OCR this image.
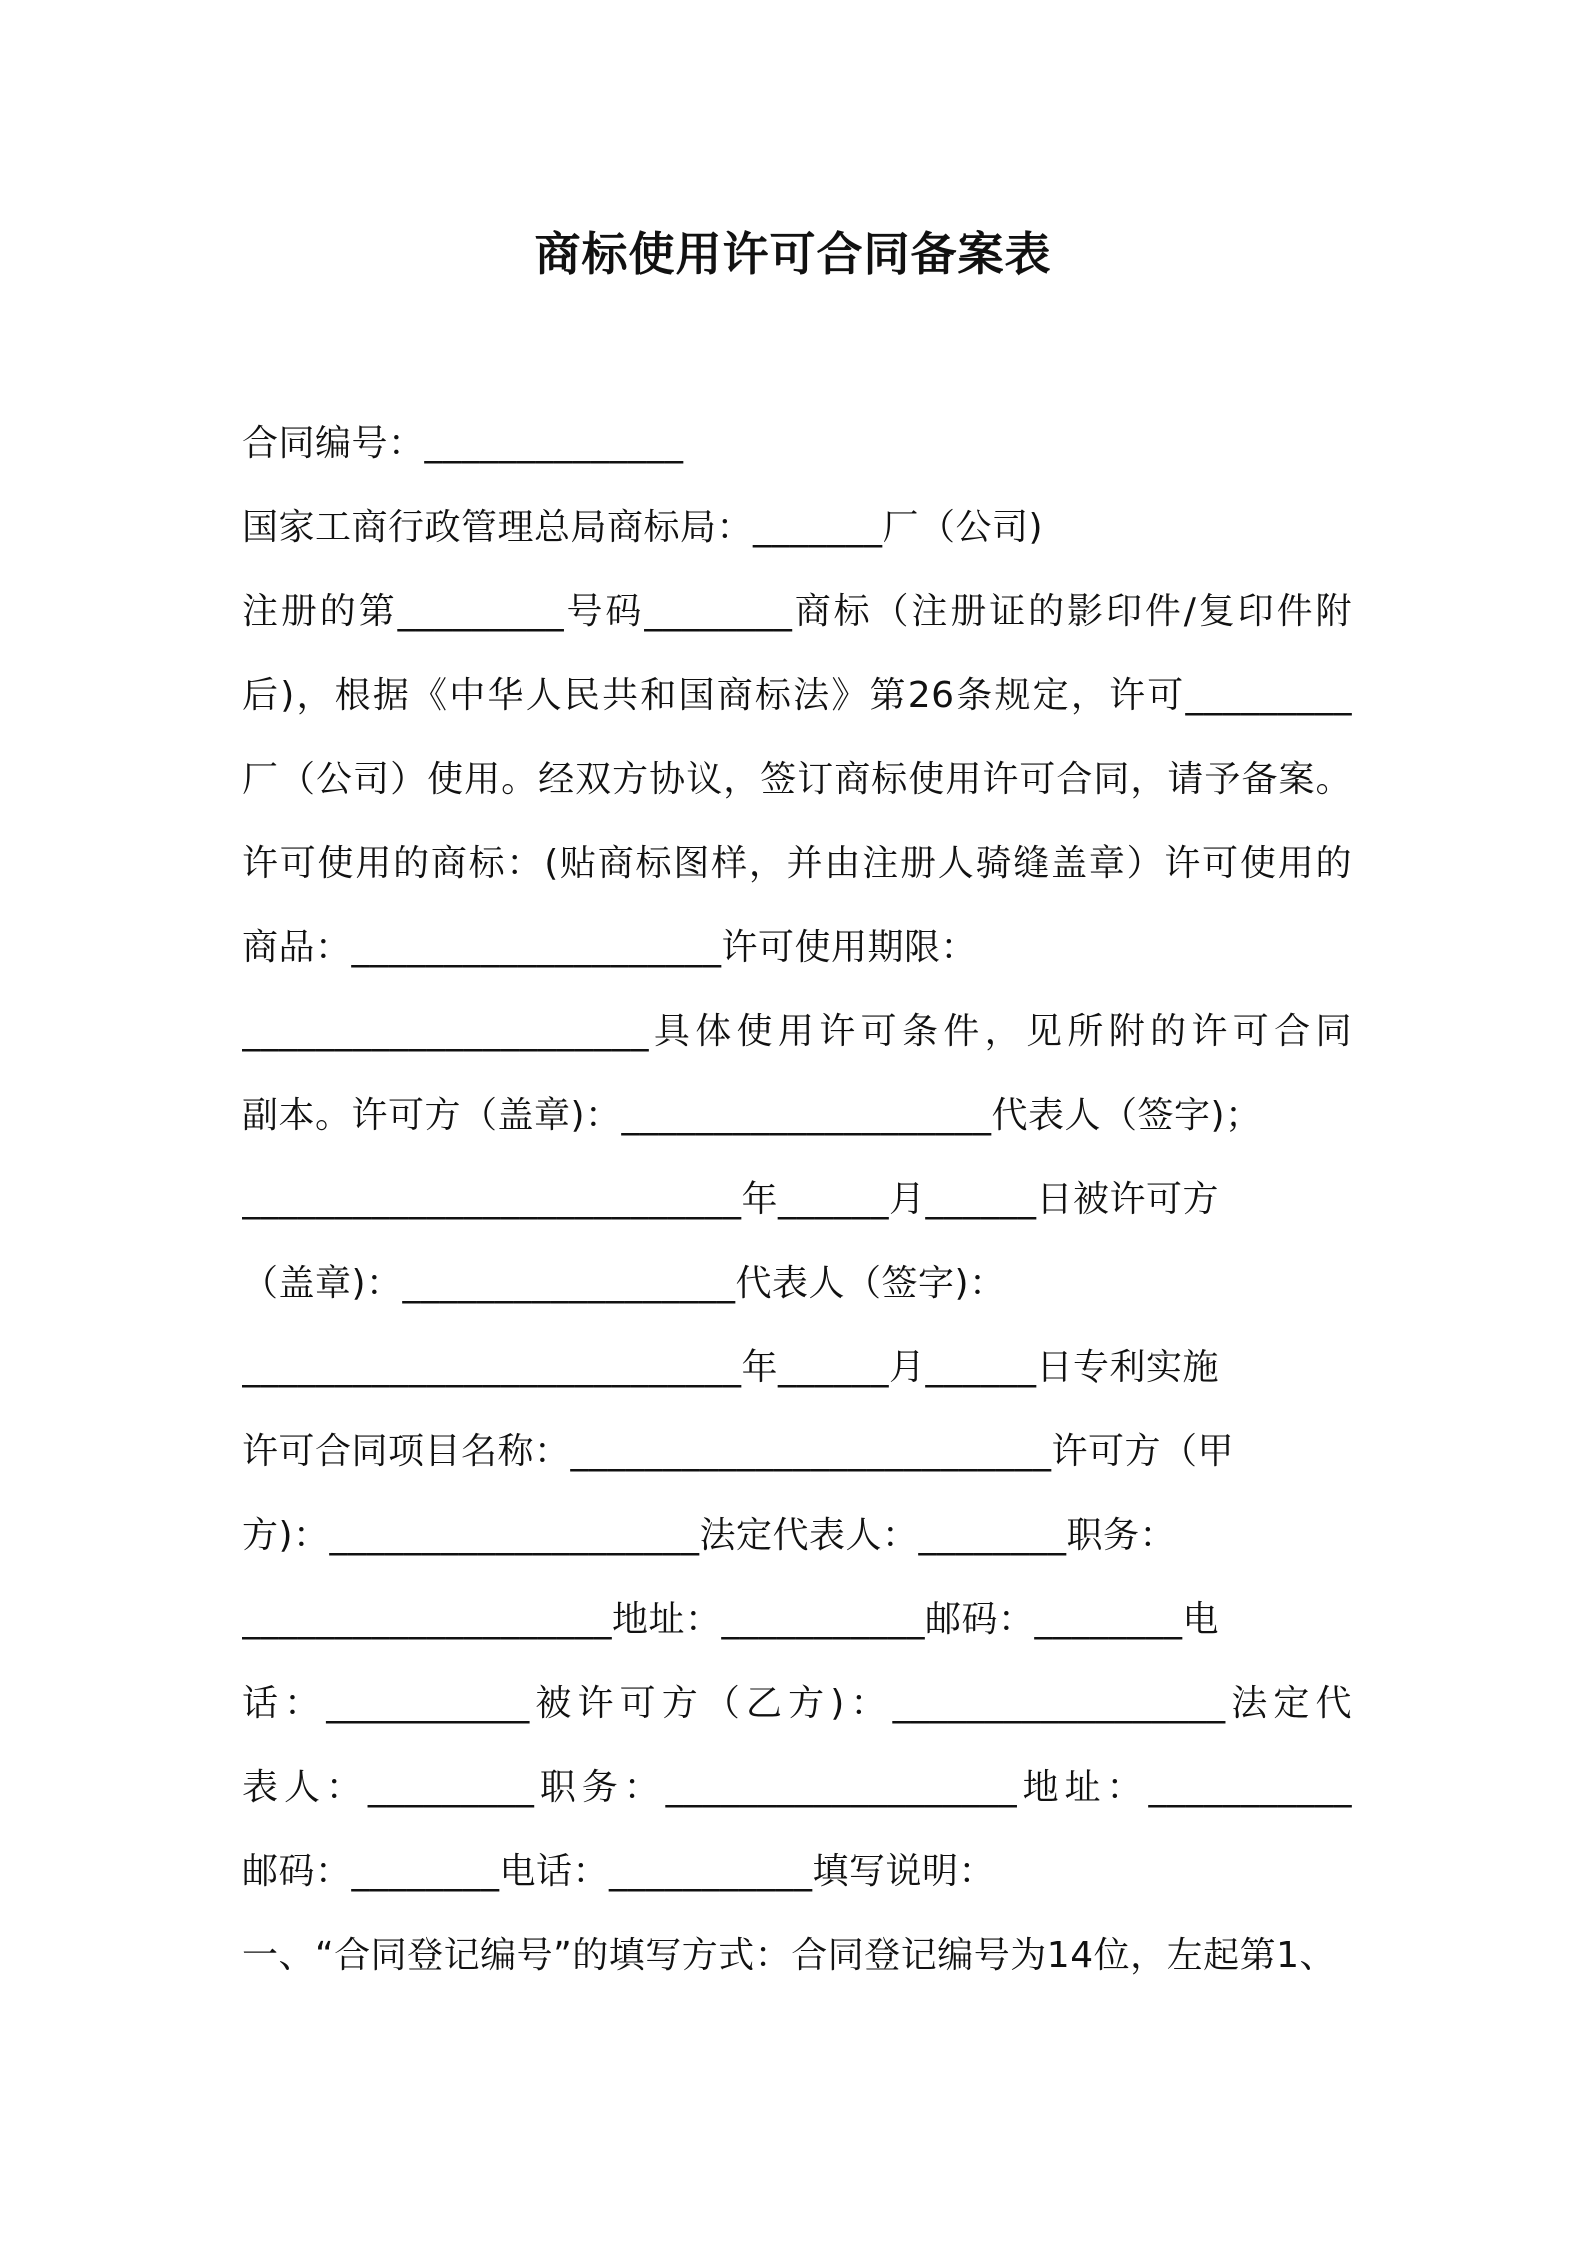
商标使用许可合同备案表
合同编号：______________
国家工商行政管理总局商标局：_______厂（公司)
注册的第_________号码________商标（注册证的影印件/复印件附
后)，根据《中华人民共和国商标法》第26条规定，许可_________
厂（公司）使用。经双方协议，签订商标使用许可合同，请予备案。
许可使用的商标：(贴商标图样，并由注册人骑缝盖章）许可使用的
商品：____________________许可使用期限：
______________________具体使用许可条件，见所附的许可合同
副本。许可方（盖章)：____________________代表人（签字)；
___________________________年______月______日被许可方
（盖章)：__________________代表人（签字)：
___________________________年______月______日专利实施
许可合同项目名称：__________________________许可方（甲
方)：____________________法定代表人：________职务：
____________________地址：___________邮码：________电
话：___________被许可方（乙方)：__________________法定代
表人：_________职务：___________________地址：___________
邮码：________电话：___________填写说明：
一、“合同登记编号”的填写方式：合同登记编号为14位，左起第1、
